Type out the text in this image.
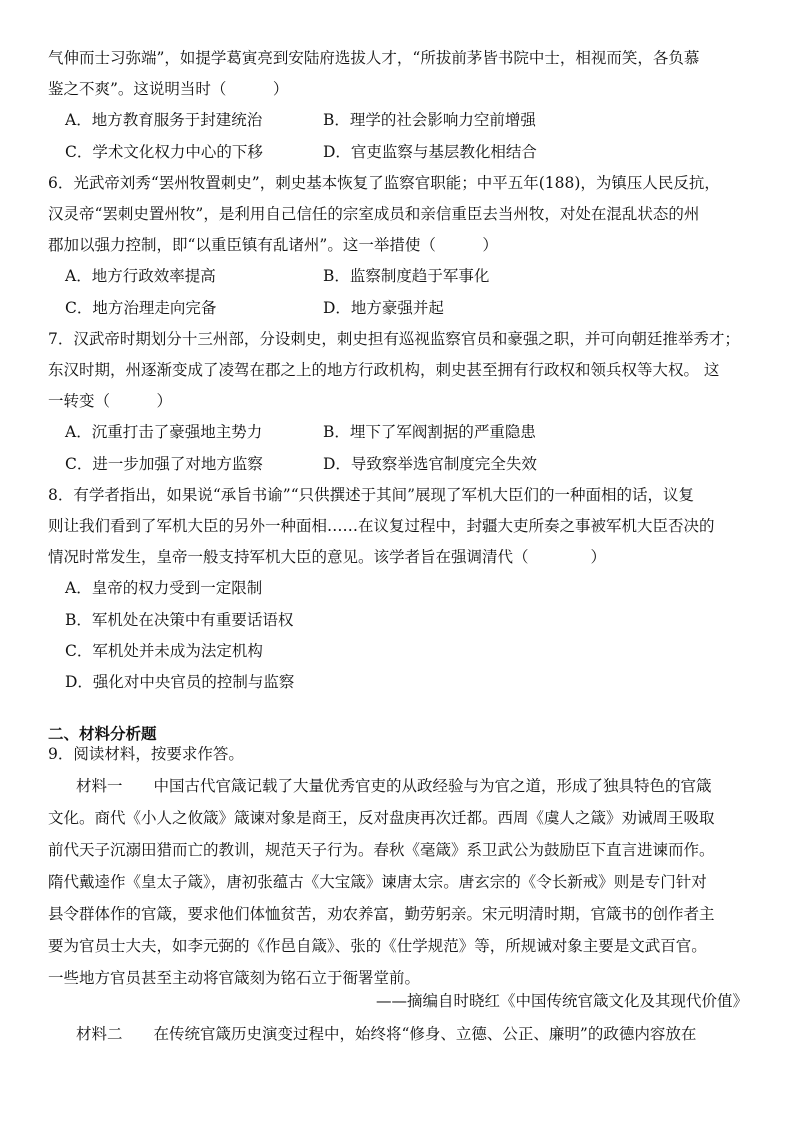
气伸而士习弥端”，如提学葛寅亮到安陆府选拔人才，“所拔前茅皆书院中士，相视而笑，各负慕
鉴之不爽”。这说明当时（　　　）
A．地方教育服务于封建统治	B．理学的社会影响力空前增强
C．学术文化权力中心的下移	D．官吏监察与基层教化相结合
6．光武帝刘秀“罢州牧置刺史”，刺史基本恢复了监察官职能；中平五年(188)，为镇压人民反抗，
汉灵帝“罢刺史置州牧”，是利用自己信任的宗室成员和亲信重臣去当州牧，对处在混乱状态的州
郡加以强力控制，即“以重臣镇有乱诸州”。这一举措使（　　　）
A．地方行政效率提高	B．监察制度趋于军事化
C．地方治理走向完备	D．地方豪强并起
7．汉武帝时期划分十三州部，分设刺史，刺史担有巡视监察官员和豪强之职，并可向朝廷推举秀才；
东汉时期，州逐渐变成了凌驾在郡之上的地方行政机构，刺史甚至拥有行政权和领兵权等大权。 这
一转变（　　　）
A．沉重打击了豪强地主势力	B．埋下了军阀割据的严重隐患
C．进一步加强了对地方监察	D．导致察举选官制度完全失效
8．有学者指出，如果说“承旨书谕”“只供撰述于其间”展现了军机大臣们的一种面相的话，议复
则让我们看到了军机大臣的另外一种面相……在议复过程中，封疆大吏所奏之事被军机大臣否决的
情况时常发生，皇帝一般支持军机大臣的意见。该学者旨在强调清代（　　　　）
A．皇帝的权力受到一定限制
B．军机处在决策中有重要话语权
C．军机处并未成为法定机构
D．强化对中央官员的控制与监察
二、材料分析题
9．阅读材料，按要求作答。
材料一　　中国古代官箴记载了大量优秀官吏的从政经验与为官之道，形成了独具特色的官箴
文化。商代《小人之攸箴》箴谏对象是商王，反对盘庚再次迁都。西周《虞人之箴》劝诫周王吸取
前代天子沉溺田猎而亡的教训，规范天子行为。春秋《毫箴》系卫武公为鼓励臣下直言进谏而作。
隋代戴逵作《皇太子箴》，唐初张蕴古《大宝箴》谏唐太宗。唐玄宗的《令长新戒》则是专门针对
县令群体作的官箴，要求他们体恤贫苦，劝农养富，勤劳躬亲。宋元明清时期，官箴书的创作者主
要为官员士大夫，如李元弼的《作邑自箴》、张的《仕学规范》等，所规诫对象主要是文武百官。
一些地方官员甚至主动将官箴刻为铭石立于衙署堂前。
——摘编自时晓红《中国传统官箴文化及其现代价值》
材料二　　在传统官箴历史演变过程中，始终将“修身、立德、公正、廉明”的政德内容放在
